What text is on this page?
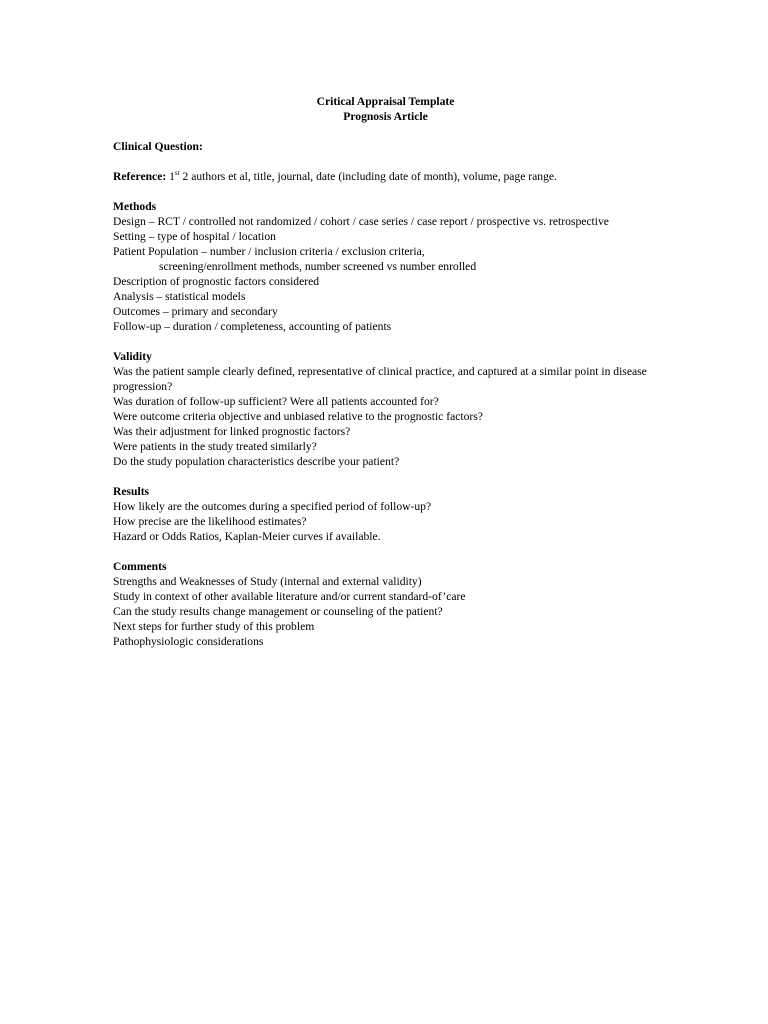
Critical Appraisal Template
Prognosis Article
Clinical Question:
Reference: 1st 2 authors et al, title, journal, date (including date of month), volume, page range.
Methods
Design – RCT / controlled not randomized / cohort / case series / case report / prospective vs. retrospective
Setting – type of hospital / location
Patient Population – number / inclusion criteria / exclusion criteria,
screening/enrollment methods, number screened vs number enrolled
Description of prognostic factors considered
Analysis – statistical models
Outcomes – primary and secondary
Follow-up – duration / completeness, accounting of patients
Validity
Was the patient sample clearly defined, representative of clinical practice, and captured at a similar point in disease progression?
Was duration of follow-up sufficient? Were all patients accounted for?
Were outcome criteria objective and unbiased relative to the prognostic factors?
Was their adjustment for linked prognostic factors?
Were patients in the study treated similarly?
Do the study population characteristics describe your patient?
Results
How likely are the outcomes during a specified period of follow-up?
How precise are the likelihood estimates?
Hazard or Odds Ratios, Kaplan-Meier curves if available.
Comments
Strengths and Weaknesses of Study (internal and external validity)
Study in context of other available literature and/or current standard-of’care
Can the study results change management or counseling of the patient?
Next steps for further study of this problem
Pathophysiologic considerations
